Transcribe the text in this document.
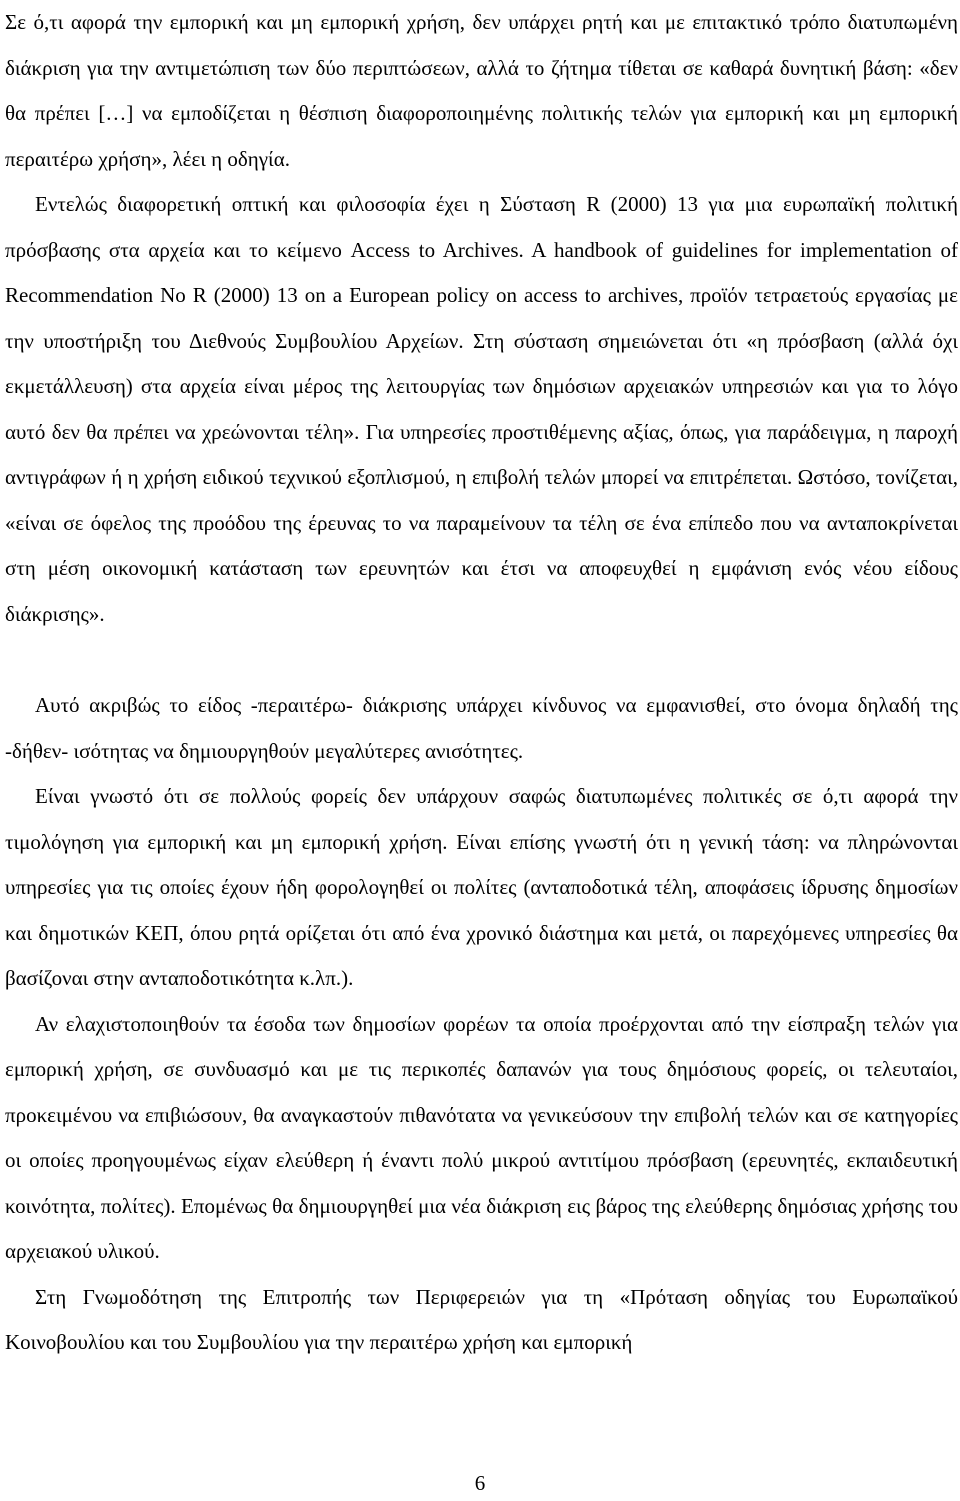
Σε ό,τι αφορά την εμπορική και μη εμπορική χρήση, δεν υπάρχει ρητή και με επιτακτικό τρόπο διατυπωμένη διάκριση για την αντιμετώπιση των δύο περιπτώσεων, αλλά το ζήτημα τίθεται σε καθαρά δυνητική βάση: «δεν θα πρέπει […] να εμποδίζεται η θέσπιση διαφοροποιημένης πολιτικής τελών για εμπορική και μη εμπορική περαιτέρω χρήση», λέει η οδηγία.

Εντελώς διαφορετική οπτική και φιλοσοφία έχει η Σύσταση R (2000) 13 για μια ευρωπαϊκή πολιτική πρόσβασης στα αρχεία και το κείμενο Access to Archives. A handbook of guidelines for implementation of Recommendation No R (2000) 13 on a European policy on access to archives, προϊόν τετραετούς εργασίας με την υποστήριξη του Διεθνούς Συμβουλίου Αρχείων. Στη σύσταση σημειώνεται ότι «η πρόσβαση (αλλά όχι εκμετάλλευση) στα αρχεία είναι μέρος της λειτουργίας των δημόσιων αρχειακών υπηρεσιών και για το λόγο αυτό δεν θα πρέπει να χρεώνονται τέλη». Για υπηρεσίες προστιθέμενης αξίας, όπως, για παράδειγμα, η παροχή αντιγράφων ή η χρήση ειδικού τεχνικού εξοπλισμού, η επιβολή τελών μπορεί να επιτρέπεται. Ωστόσο, τονίζεται, «είναι σε όφελος της προόδου της έρευνας το να παραμείνουν τα τέλη σε ένα επίπεδο που να ανταποκρίνεται στη μέση οικονομική κατάσταση των ερευνητών και έτσι να αποφευχθεί η εμφάνιση ενός νέου είδους διάκρισης».

Αυτό ακριβώς το είδος -περαιτέρω- διάκρισης υπάρχει κίνδυνος να εμφανισθεί, στο όνομα δηλαδή της -δήθεν- ισότητας να δημιουργηθούν μεγαλύτερες ανισότητες.

Είναι γνωστό ότι σε πολλούς φορείς δεν υπάρχουν σαφώς διατυπωμένες πολιτικές σε ό,τι αφορά την τιμολόγηση για εμπορική και μη εμπορική χρήση. Είναι επίσης γνωστή ότι η γενική τάση: να πληρώνονται υπηρεσίες για τις οποίες έχουν ήδη φορολογηθεί οι πολίτες (ανταποδοτικά τέλη, αποφάσεις ίδρυσης δημοσίων και δημοτικών ΚΕΠ, όπου ρητά ορίζεται ότι από ένα χρονικό διάστημα και μετά, οι παρεχόμενες υπηρεσίες θα βασίζοναι στην ανταποδοτικότητα κ.λπ.).

Αν ελαχιστοποιηθούν τα έσοδα των δημοσίων φορέων τα οποία προέρχονται από την είσπραξη τελών για εμπορική χρήση, σε συνδυασμό και με τις περικοπές δαπανών για τους δημόσιους φορείς, οι τελευταίοι, προκειμένου να επιβιώσουν, θα αναγκαστούν πιθανότατα να γενικεύσουν την επιβολή τελών και σε κατηγορίες οι οποίες προηγουμένως είχαν ελεύθερη ή έναντι πολύ μικρού αντιτίμου πρόσβαση (ερευνητές, εκπαιδευτική κοινότητα, πολίτες). Επομένως θα δημιουργηθεί μια νέα διάκριση εις βάρος της ελεύθερης δημόσιας χρήσης του αρχειακού υλικού.

Στη Γνωμοδότηση της Επιτροπής των Περιφερειών για τη «Πρόταση οδηγίας του Ευρωπαϊκού Κοινοβουλίου και του Συμβουλίου για την περαιτέρω χρήση και εμπορική

6
